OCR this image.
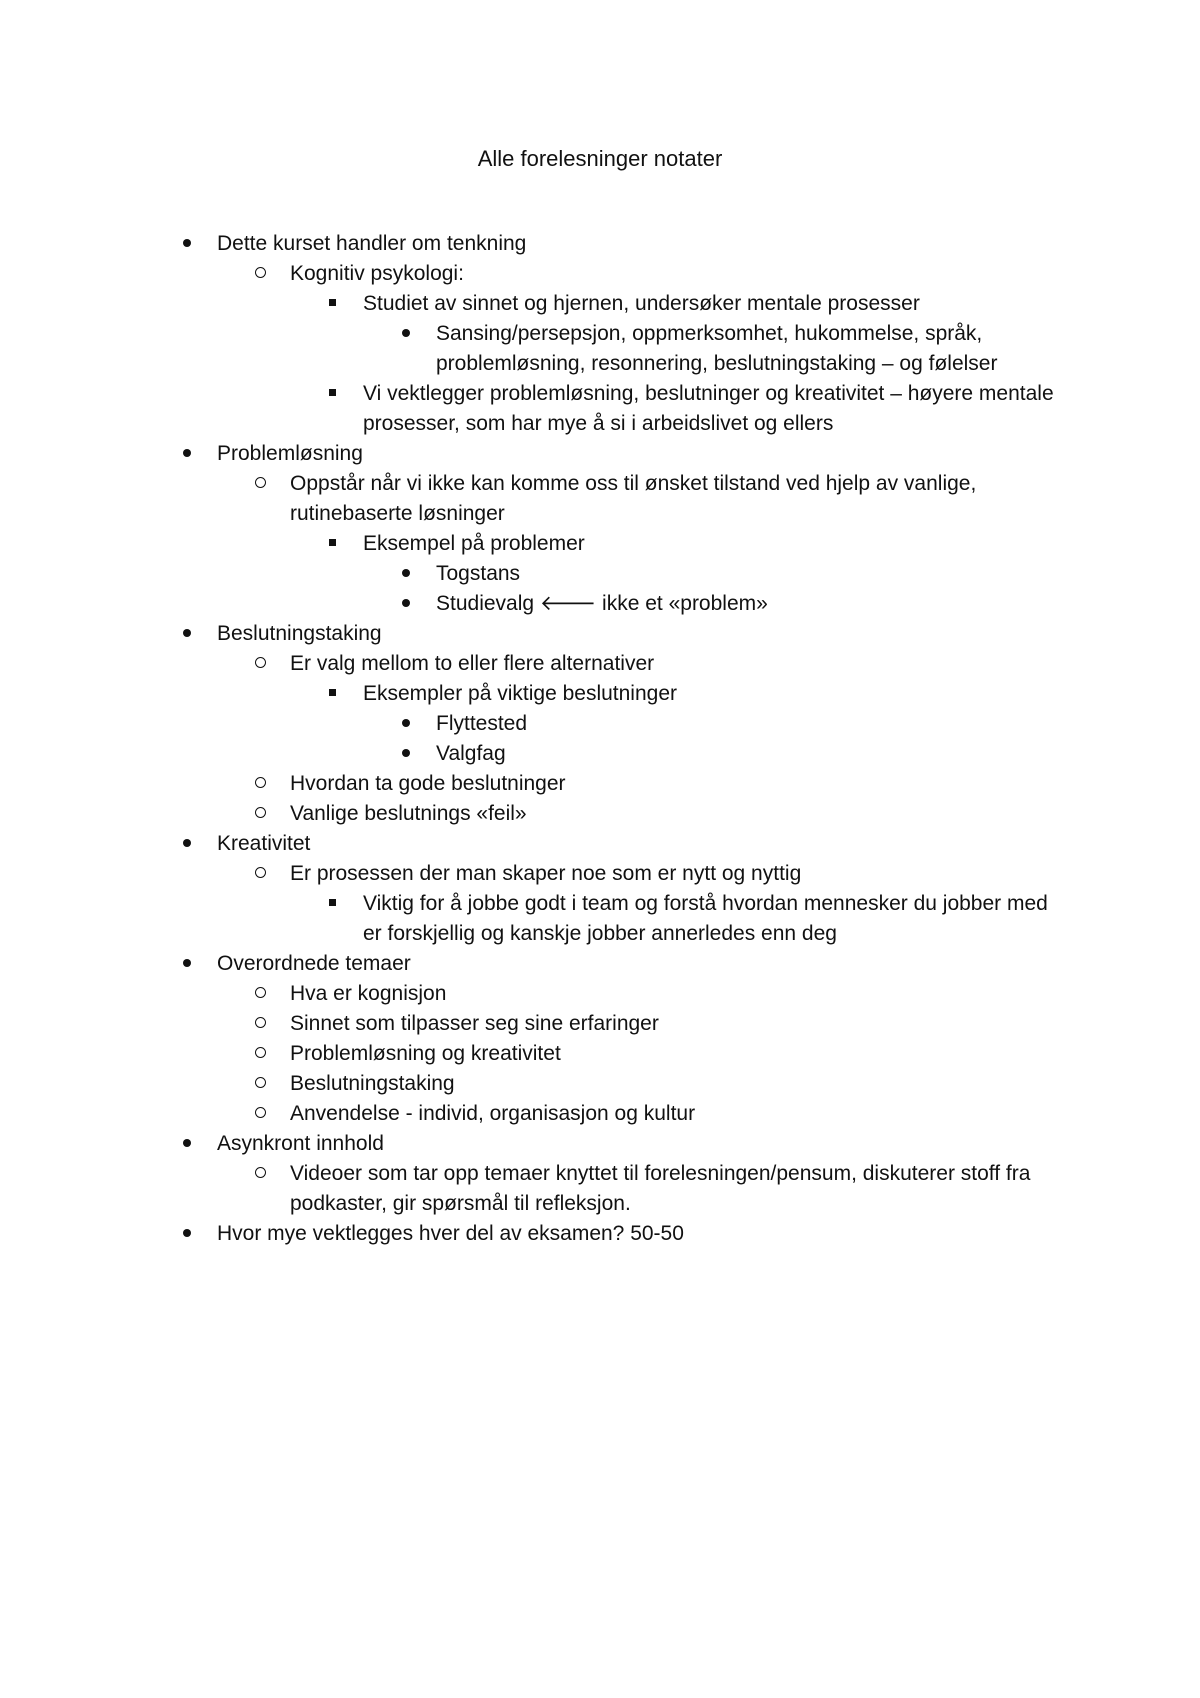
Alle forelesninger notater
Dette kurset handler om tenkning
Kognitiv psykologi:
Studiet av sinnet og hjernen, undersøker mentale prosesser
Sansing/persepsjon, oppmerksomhet, hukommelse, språk, problemløsning, resonnering, beslutningstaking – og følelser
Vi vektlegger problemløsning, beslutninger og kreativitet – høyere mentale prosesser, som har mye å si i arbeidslivet og ellers
Problemløsning
Oppstår når vi ikke kan komme oss til ønsket tilstand ved hjelp av vanlige, rutinebaserte løsninger
Eksempel på problemer
Togstans
Studievalg 🡐 ikke et «problem»
Beslutningstaking
Er valg mellom to eller flere alternativer
Eksempler på viktige beslutninger
Flyttested
Valgfag
Hvordan ta gode beslutninger
Vanlige beslutnings «feil»
Kreativitet
Er prosessen der man skaper noe som er nytt og nyttig
Viktig for å jobbe godt i team og forstå hvordan mennesker du jobber med er forskjellig og kanskje jobber annerledes enn deg
Overordnede temaer
Hva er kognisjon
Sinnet som tilpasser seg sine erfaringer
Problemløsning og kreativitet
Beslutningstaking
Anvendelse - individ, organisasjon og kultur
Asynkront innhold
Videoer som tar opp temaer knyttet til forelesningen/pensum, diskuterer stoff fra podkaster, gir spørsmål til refleksjon.
Hvor mye vektlegges hver del av eksamen? 50-50
